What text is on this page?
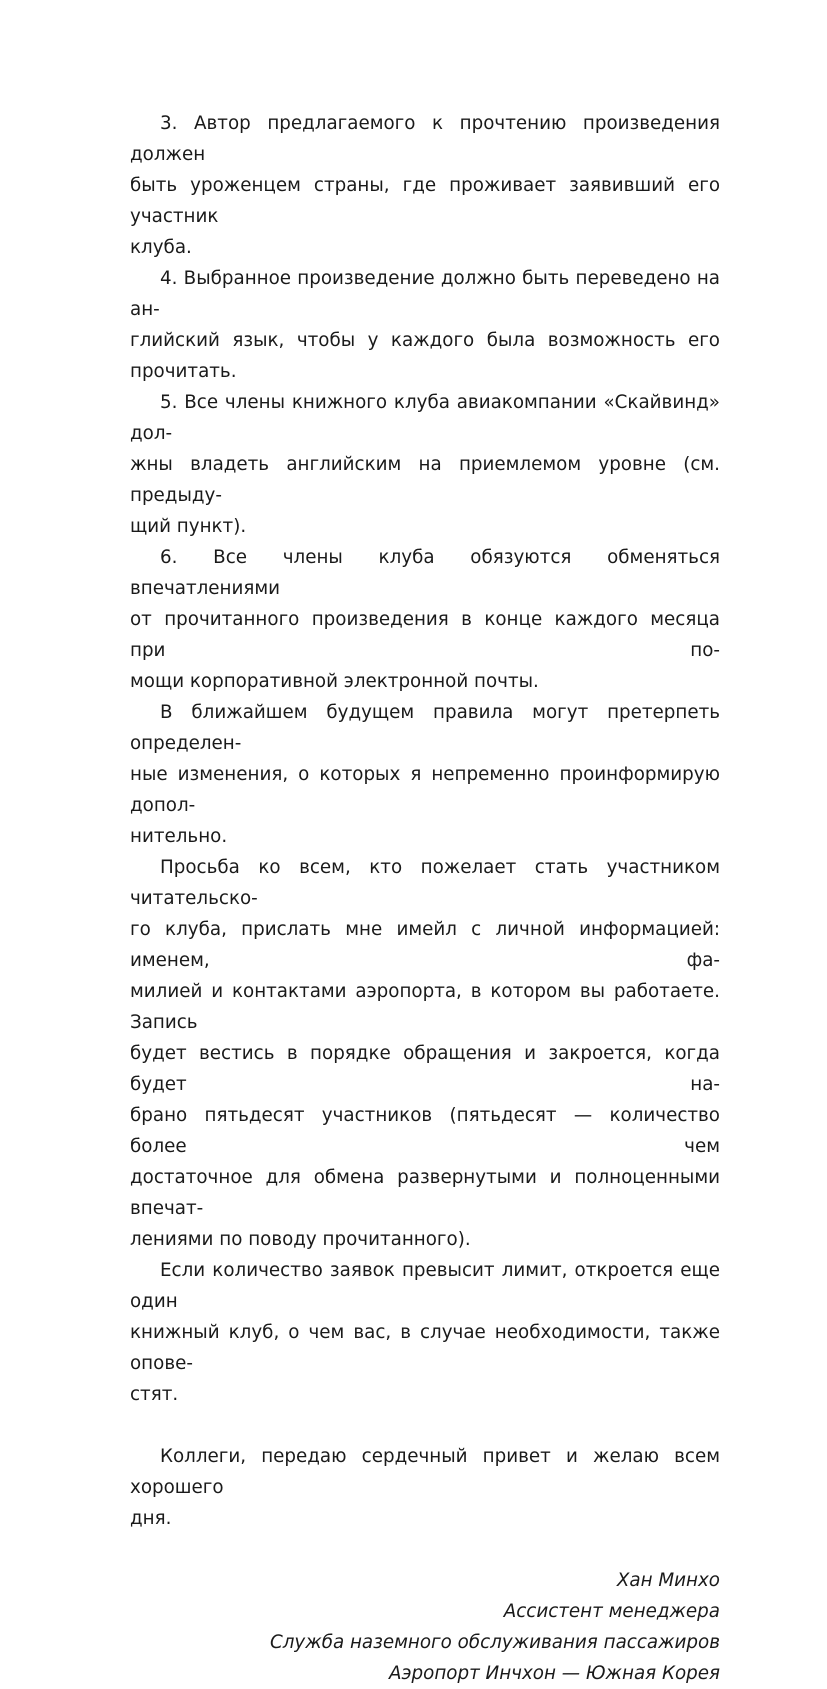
3. Автор предлагаемого к прочтению произведения должен
быть уроженцем страны, где проживает заявивший его участник
клуба.

4. Выбранное произведение должно быть переведено на ан-
глийский язык, чтобы у каждого была возможность его прочитать.

5. Все члены книжного клуба авиакомпании «Скайвинд» дол-
жны владеть английским на приемлемом уровне (см. предыду-
щий пункт).

6. Все члены клуба обязуются обменяться впечатлениями
от прочитанного произведения в конце каждого месяца при по-
мощи корпоративной электронной почты.

В ближайшем будущем правила могут претерпеть определен-
ные изменения, о которых я непременно проинформирую допол-
нительно.

Просьба ко всем, кто пожелает стать участником читательско-
го клуба, прислать мне имейл с личной информацией: именем, фа-
милией и контактами аэропорта, в котором вы работаете. Запись
будет вестись в порядке обращения и закроется, когда будет на-
брано пятьдесят участников (пятьдесят — количество более чем
достаточное для обмена развернутыми и полноценными впечат-
лениями по поводу прочитанного).

Если количество заявок превысит лимит, откроется еще один
книжный клуб, о чем вас, в случае необходимости, также опове-
стят.

Коллеги, передаю сердечный привет и желаю всем хорошего
дня.

Хан Минхо
Ассистент менеджера
Служба наземного обслуживания пассажиров
Аэропорт Инчхон — Южная Корея
